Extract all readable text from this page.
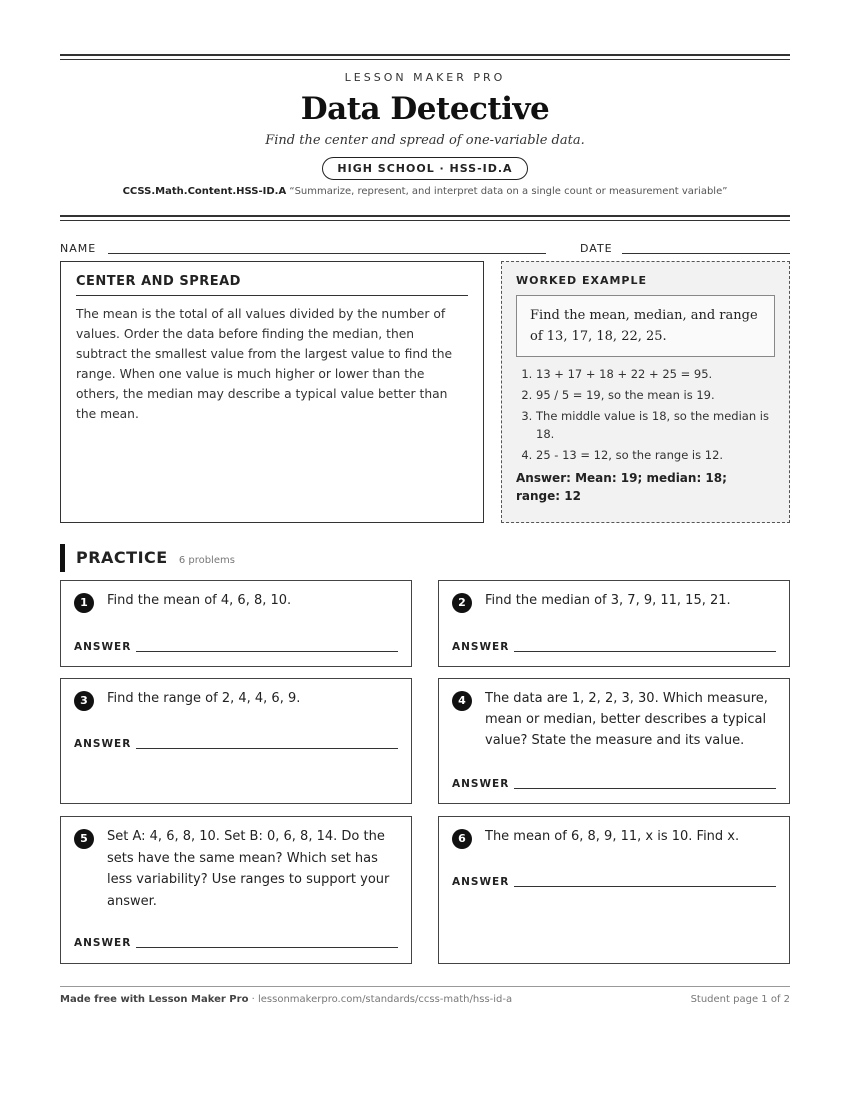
LESSON MAKER PRO
Data Detective
Find the center and spread of one-variable data.
HIGH SCHOOL · HSS-ID.A
CCSS.Math.Content.HSS-ID.A “Summarize, represent, and interpret data on a single count or measurement variable”
NAME	DATE
CENTER AND SPREAD

The mean is the total of all values divided by the number of values. Order the data before finding the median, then subtract the smallest value from the largest value to find the range. When one value is much higher or lower than the others, the median may describe a typical value better than the mean.

WORKED EXAMPLE
Find the mean, median, and range of 13, 17, 18, 22, 25.
1. 13 + 17 + 18 + 22 + 25 = 95.
2. 95 / 5 = 19, so the mean is 19.
3. The middle value is 18, so the median is 18.
4. 25 - 13 = 12, so the range is 12.
Answer: Mean: 19; median: 18; range: 12
PRACTICE 6 problems
1	Find the mean of 4, 6, 8, 10.
ANSWER
2	Find the median of 3, 7, 9, 11, 15, 21.
ANSWER
3	Find the range of 2, 4, 4, 6, 9.
ANSWER
4	The data are 1, 2, 2, 3, 30. Which measure, mean or median, better describes a typical value? State the measure and its value.
ANSWER
5	Set A: 4, 6, 8, 10. Set B: 0, 6, 8, 14. Do the sets have the same mean? Which set has less variability? Use ranges to support your answer.
ANSWER
6	The mean of 6, 8, 9, 11, x is 10. Find x.
ANSWER
Made free with Lesson Maker Pro · lessonmakerpro.com/standards/ccss-math/hss-id-a	Student page 1 of 2
